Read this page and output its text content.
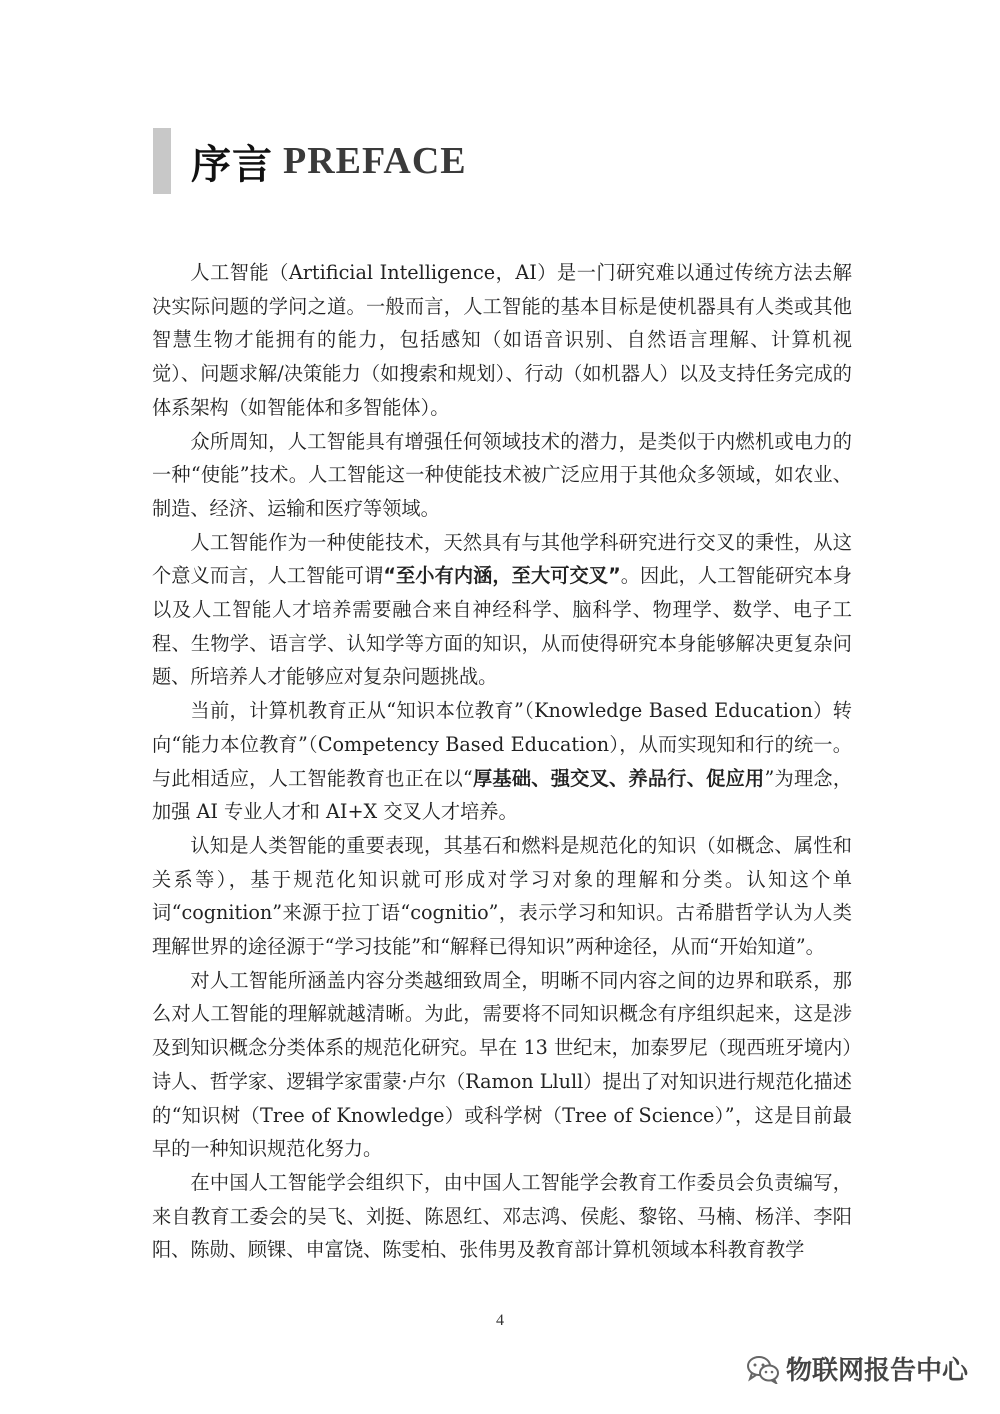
序言 PREFACE

人工智能（Artificial Intelligence，AI）是一门研究难以通过传统方法去解决实际问题的学问之道。一般而言，人工智能的基本目标是使机器具有人类或其他智慧生物才能拥有的能力，包括感知（如语音识别、自然语言理解、计算机视觉）、问题求解/决策能力（如搜索和规划）、行动（如机器人）以及支持任务完成的体系架构（如智能体和多智能体）。

众所周知，人工智能具有增强任何领域技术的潜力，是类似于内燃机或电力的一种“使能”技术。人工智能这一种使能技术被广泛应用于其他众多领域，如农业、制造、经济、运输和医疗等领域。

人工智能作为一种使能技术，天然具有与其他学科研究进行交叉的秉性，从这个意义而言，人工智能可谓“至小有内涵，至大可交叉”。因此，人工智能研究本身以及人工智能人才培养需要融合来自神经科学、脑科学、物理学、数学、电子工程、生物学、语言学、认知学等方面的知识，从而使得研究本身能够解决更复杂问题、所培养人才能够应对复杂问题挑战。

当前，计算机教育正从“知识本位教育”（Knowledge Based Education）转向“能力本位教育”（Competency Based Education），从而实现知和行的统一。与此相适应，人工智能教育也正在以“厚基础、强交叉、养品行、促应用”为理念，加强 AI 专业人才和 AI+X 交叉人才培养。

认知是人类智能的重要表现，其基石和燃料是规范化的知识（如概念、属性和关系等），基于规范化知识就可形成对学习对象的理解和分类。认知这个单词“cognition”来源于拉丁语“cognitio”，表示学习和知识。古希腊哲学认为人类理解世界的途径源于“学习技能”和“解释已得知识”两种途径，从而“开始知道”。

对人工智能所涵盖内容分类越细致周全，明晰不同内容之间的边界和联系，那么对人工智能的理解就越清晰。为此，需要将不同知识概念有序组织起来，这是涉及到知识概念分类体系的规范化研究。早在 13 世纪末，加泰罗尼（现西班牙境内）诗人、哲学家、逻辑学家雷蒙·卢尔（Ramon Llull）提出了对知识进行规范化描述的“知识树（Tree of Knowledge）或科学树（Tree of Science）”，这是目前最早的一种知识规范化努力。

在中国人工智能学会组织下，由中国人工智能学会教育工作委员会负责编写，来自教育工委会的吴飞、刘挺、陈恩红、邓志鸿、侯彪、黎铭、马楠、杨洋、李阳阳、陈勋、顾锞、申富饶、陈雯柏、张伟男及教育部计算机领域本科教育教学

4
物联网报告中心
